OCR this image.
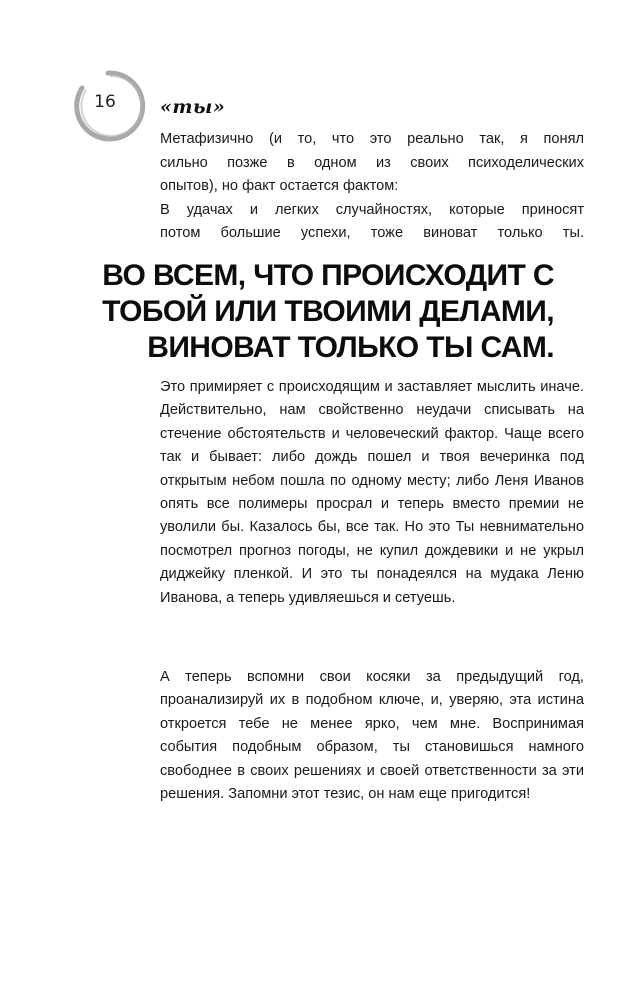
16	«ты»

Метафизично (и то, что это реально так, я понял

сильно позже в одном из своих психоделических

опытов), но факт остается фактом:

В удачах и легких случайностях, которые приносят

потом большие успехи, тоже виноват только ты.

ВО ВСЕМ, ЧТО ПРОИСХОДИТ С
ТОБОЙ ИЛИ ТВОИМИ ДЕЛАМИ,
ВИНОВАТ ТОЛЬКО ТЫ САМ.

Это примиряет с происходящим и заставляет мыслить иначе. Действительно, нам свойственно неудачи списывать на стечение обстоятельств и человеческий фактор. Чаще всего так и бывает: либо дождь пошел и твоя вечеринка под открытым небом пошла по одному месту; либо Леня Иванов опять все полимеры просрал и теперь вместо премии не уволили бы. Казалось бы, все так. Но это Ты невнимательно посмотрел прогноз погоды, не купил дождевики и не укрыл диджейку пленкой. И это ты понадеялся на мудака Леню Иванова, а теперь удивляешься и сетуешь.

А теперь вспомни свои косяки за предыдущий год, проанализируй их в подобном ключе, и, уверяю, эта истина откроется тебе не менее ярко, чем мне. Воспринимая события подобным образом, ты становишься намного свободнее в своих решениях и своей ответственности за эти решения. Запомни этот тезис, он нам еще пригодится!
